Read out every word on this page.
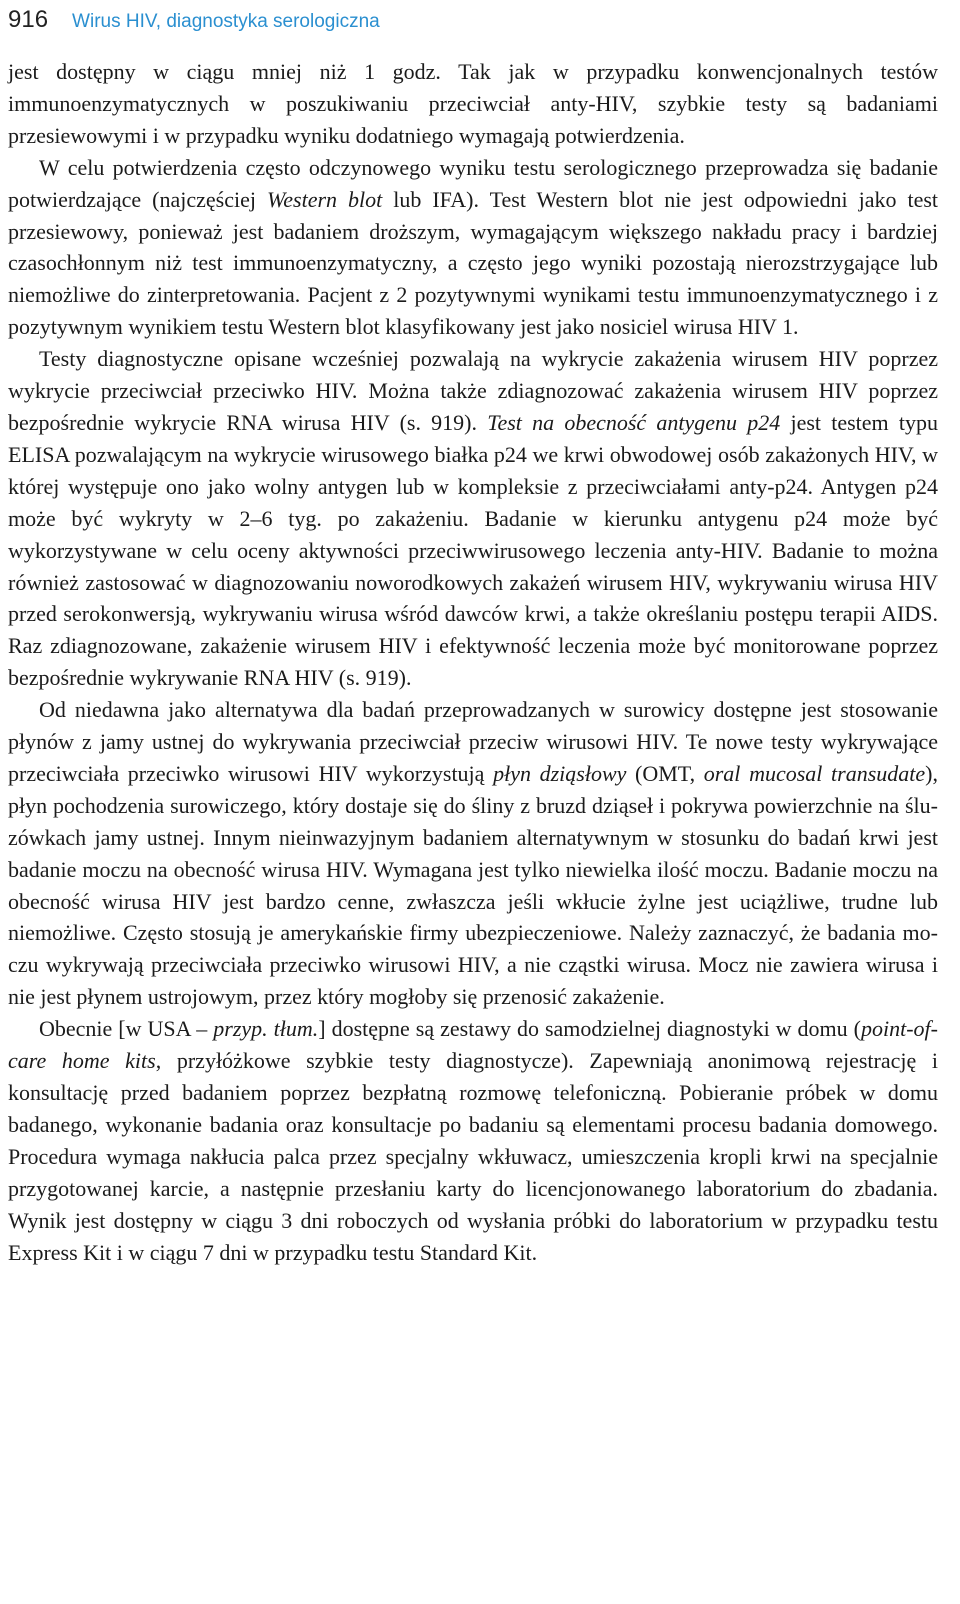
916 Wirus HIV, diagnostyka serologiczna

jest dostępny w ciągu mniej niż 1 godz. Tak jak w przypadku konwencjonalnych testów immunoenzymatycznych w poszukiwaniu przeciwciał anty-HIV, szybkie testy są badaniami przesiewowymi i w przypadku wyniku dodatniego wymagają potwierdzenia.

W celu potwierdzenia często odczynowego wyniku testu serologicznego przeprowadza się badanie potwierdzające (najczęściej Western blot lub IFA). Test Western blot nie jest odpowiedni jako test przesiewowy, ponieważ jest badaniem droższym, wymagającym większego nakładu pracy i bardziej czasochłonnym niż test immunoenzymatyczny, a często jego wyniki pozostają nierozstrzygające lub niemożliwe do zinterpretowania. Pacjent z 2 pozytywnymi wynikami testu immunoenzymatycznego i z pozytywnym wynikiem testu Western blot klasyfikowany jest jako nosiciel wirusa HIV 1.

Testy diagnostyczne opisane wcześniej pozwalają na wykrycie zakażenia wirusem HIV poprzez wykrycie przeciwciał przeciwko HIV. Można także zdiagnozować zakażenia wirusem HIV poprzez bezpośrednie wykrycie RNA wirusa HIV (s. 919). Test na obecność antygenu p24 jest testem typu ELISA pozwalającym na wykrycie wirusowego białka p24 we krwi obwodowej osób zakażonych HIV, w której występuje ono jako wolny antygen lub w kompleksie z przeciwciałami anty-p24. Antygen p24 może być wykryty w 2–6 tyg. po zakażeniu. Badanie w kierunku antygenu p24 może być wykorzystywane w celu oceny aktywności przeciwwirusowego leczenia anty-HIV. Badanie to można również zastosować w diagnozowaniu noworodkowych zakażeń wirusem HIV, wykrywaniu wirusa HIV przed serokonwersją, wykrywaniu wirusa wśród dawców krwi, a także określaniu postępu terapii AIDS. Raz zdiagnozowane, zakażenie wirusem HIV i efektywność leczenia może być monitorowane poprzez bezpośrednie wykrywanie RNA HIV (s. 919).

Od niedawna jako alternatywa dla badań przeprowadzanych w surowicy dostępne jest stosowanie płynów z jamy ustnej do wykrywania przeciwciał przeciw wirusowi HIV. Te nowe testy wykrywające przeciwciała przeciwko wirusowi HIV wykorzystują płyn dziąsłowy (OMT, oral mucosal transudate), płyn pochodzenia surowiczego, który dostaje się do śliny z bruzd dziąseł i pokrywa powierzchnie na śluzówkach jamy ustnej. Innym nieinwazyjnym badaniem alternatywnym w stosunku do badań krwi jest badanie moczu na obecność wirusa HIV. Wymagana jest tylko niewielka ilość moczu. Badanie moczu na obecność wirusa HIV jest bardzo cenne, zwłaszcza jeśli wkłucie żylne jest uciążliwe, trudne lub niemożliwe. Często stosują je amerykańskie firmy ubezpieczeniowe. Należy zaznaczyć, że badania moczu wykrywają przeciwciała przeciwko wirusowi HIV, a nie cząstki wirusa. Mocz nie zawiera wirusa i nie jest płynem ustrojowym, przez który mogłoby się przenosić zakażenie.

Obecnie [w USA – przyp. tłum.] dostępne są zestawy do samodzielnej diagnostyki w domu (point-of-care home kits, przyłóżkowe szybkie testy diagnostycze). Zapewniają anonimową rejestrację i konsultację przed badaniem poprzez bezpłatną rozmowę telefoniczną. Pobieranie próbek w domu badanego, wykonanie badania oraz konsultacje po badaniu są elementami procesu badania domowego. Procedura wymaga nakłucia palca przez specjalny wkłuwacz, umieszczenia kropli krwi na specjalnie przygotowanej karcie, a następnie przesłaniu karty do licencjonowanego laboratorium do zbadania. Wynik jest dostępny w ciągu 3 dni roboczych od wysłania próbki do laboratorium w przypadku testu Express Kit i w ciągu 7 dni w przypadku testu Standard Kit.
